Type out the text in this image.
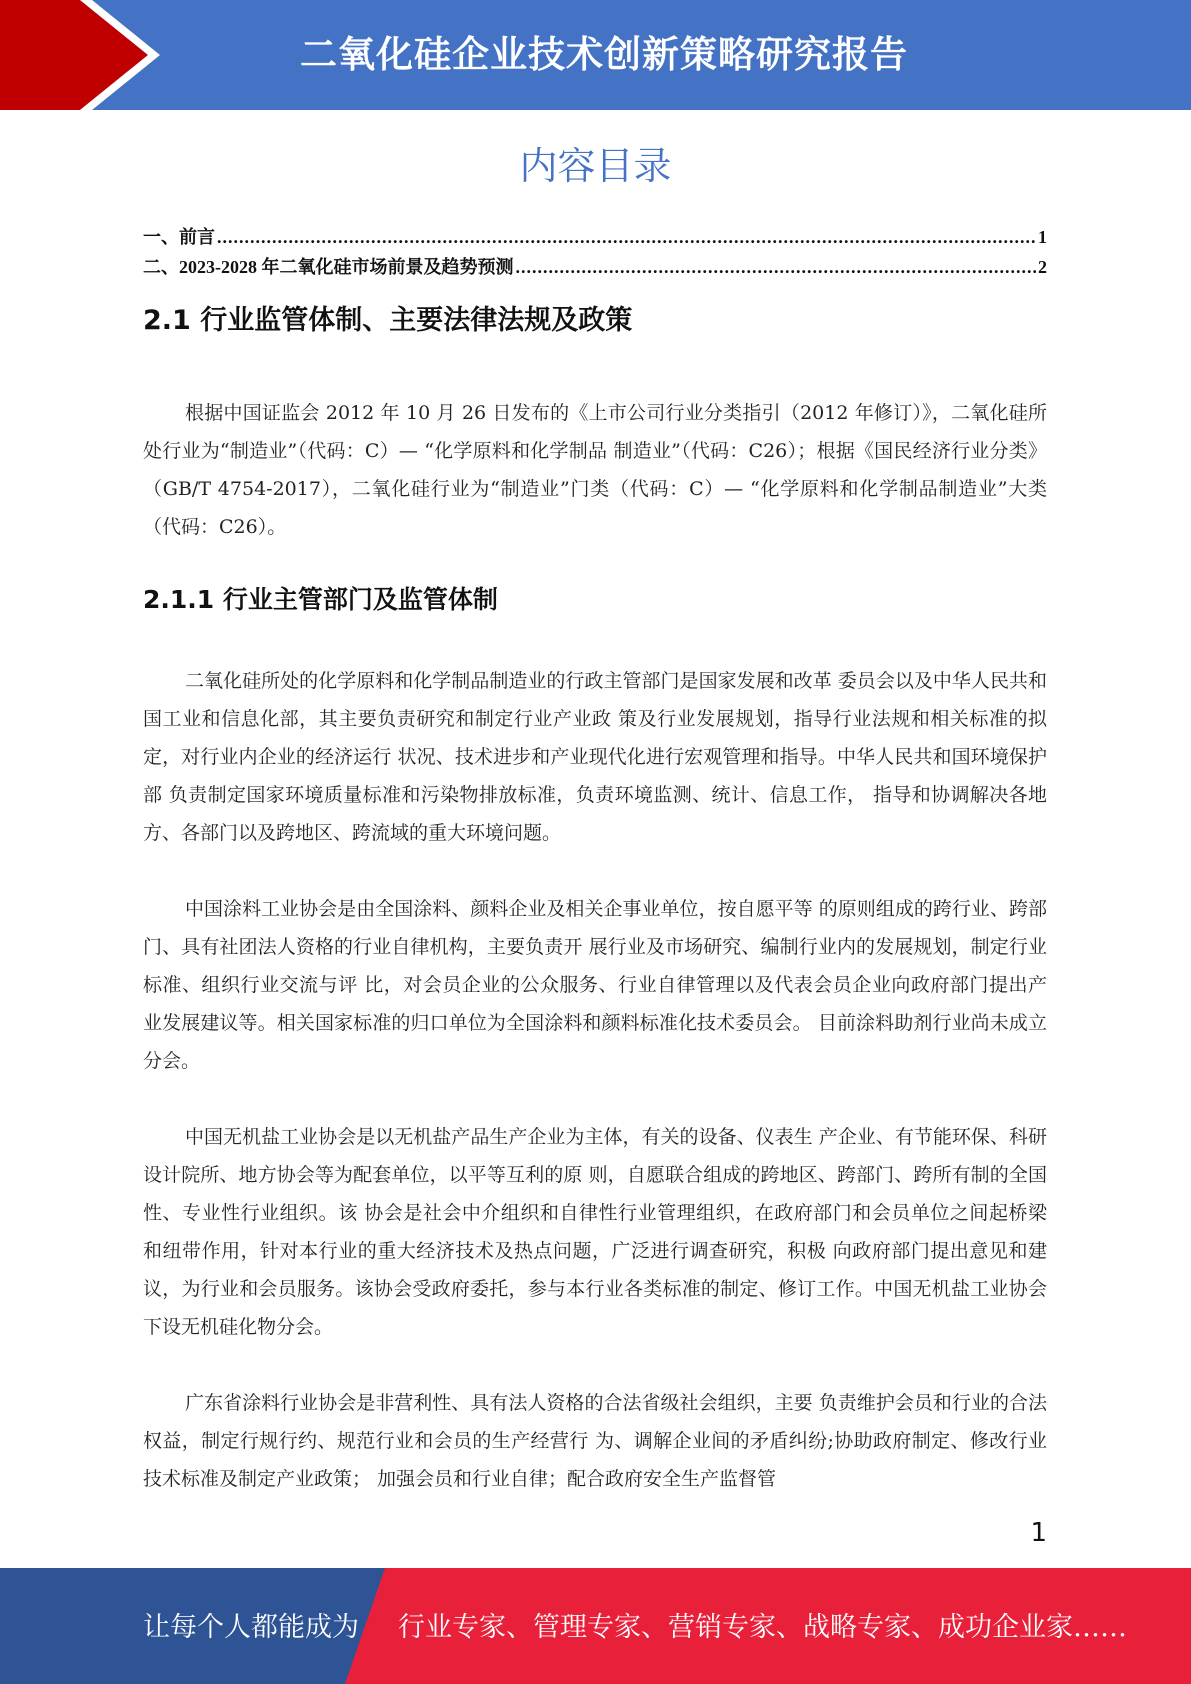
二氧化硅企业技术创新策略研究报告
内容目录
一、前言 .....	1
二、2023-2028 年二氧化硅市场前景及趋势预测 .....	2
2.1 行业监管体制、主要法律法规及政策

根据中国证监会 2012 年 10 月 26 日发布的《上市公司行业分类指引（2012 年修订）》，二氧化硅所处行业为“制造业”（代码：C）— “化学原料和化学制品 制造业”（代码：C26）；根据《国民经济行业分类》（GB/T 4754-2017），二氧化硅行业为“制造业”门类（代码：C）— “化学原料和化学制品制造业”大类（代码：C26）。

2.1.1 行业主管部门及监管体制

二氧化硅所处的化学原料和化学制品制造业的行政主管部门是国家发展和改革 委员会以及中华人民共和国工业和信息化部，其主要负责研究和制定行业产业政 策及行业发展规划，指导行业法规和相关标准的拟定，对行业内企业的经济运行 状况、技术进步和产业现代化进行宏观管理和指导。中华人民共和国环境保护部 负责制定国家环境质量标准和污染物排放标准，负责环境监测、统计、信息工作， 指导和协调解决各地方、各部门以及跨地区、跨流域的重大环境问题。

中国涂料工业协会是由全国涂料、颜料企业及相关企事业单位，按自愿平等 的原则组成的跨行业、跨部门、具有社团法人资格的行业自律机构，主要负责开 展行业及市场研究、编制行业内的发展规划，制定行业标准、组织行业交流与评 比，对会员企业的公众服务、行业自律管理以及代表会员企业向政府部门提出产 业发展建议等。相关国家标准的归口单位为全国涂料和颜料标准化技术委员会。 目前涂料助剂行业尚未成立分会。

中国无机盐工业协会是以无机盐产品生产企业为主体，有关的设备、仪表生 产企业、有节能环保、科研设计院所、地方协会等为配套单位，以平等互利的原 则，自愿联合组成的跨地区、跨部门、跨所有制的全国性、专业性行业组织。该 协会是社会中介组织和自律性行业管理组织，在政府部门和会员单位之间起桥梁 和纽带作用，针对本行业的重大经济技术及热点问题，广泛进行调查研究，积极 向政府部门提出意见和建议，为行业和会员服务。该协会受政府委托，参与本行业各类标准的制定、修订工作。中国无机盐工业协会下设无机硅化物分会。

广东省涂料行业协会是非营利性、具有法人资格的合法省级社会组织，主要 负责维护会员和行业的合法权益，制定行规行约、规范行业和会员的生产经营行 为、调解企业间的矛盾纠纷;协助政府制定、修改行业技术标准及制定产业政策； 加强会员和行业自律；配合政府安全生产监督管

1
让每个人都能成为 行业专家、管理专家、营销专家、战略专家、成功企业家……
